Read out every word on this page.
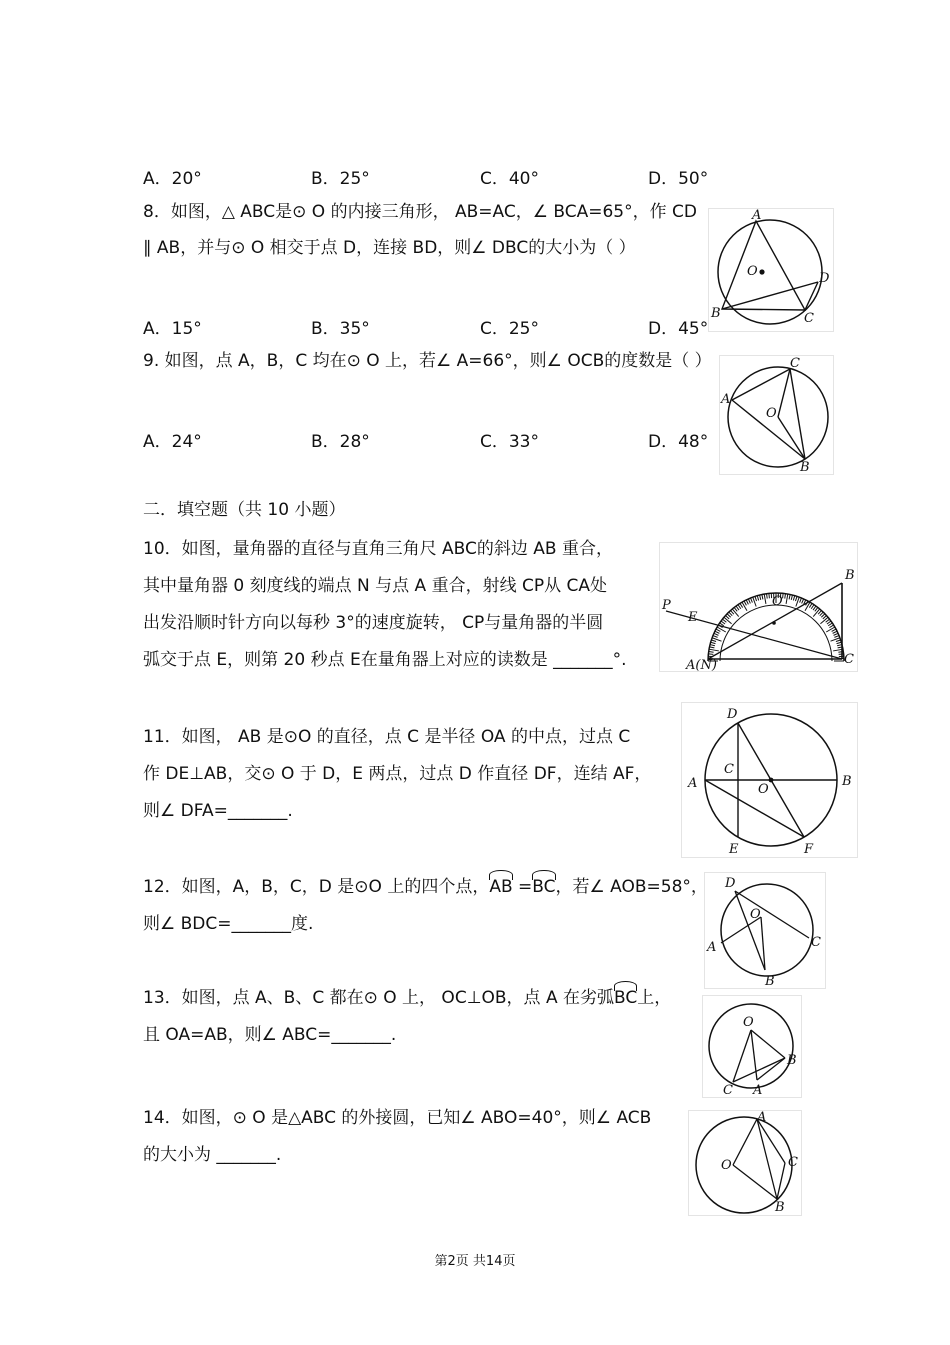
A．20°	B．25°	C．40°	D．50°
8．如图，△ ABC是⊙ O 的内接三角形， AB=AC，∠ BCA=65°，作 CD
∥ AB，并与⊙ O 相交于点 D，连接 BD，则∠ DBC的大小为（ ）
A．15°	B．35°	C．25°	D．45°
A
O	D
B	C
9. 如图，点 A，B，C 均在⊙ O 上，若∠ A=66°，则∠ OCB的度数是（ ）
A．24°	B．28°	C．33°	D．48°
C
A
O
B
二．填空题（共 10 小题）
10．如图，量角器的直径与直角三角尺 ABC的斜边 AB 重合，
其中量角器 0 刻度线的端点 N 与点 A 重合，射线 CP从 CA处
出发沿顺时针方向以每秒 3°的速度旋转， CP与量角器的半圆
弧交于点 E，则第 20 秒点 E在量角器上对应的读数是 _______°.
B
P
E
O
A(N)	C
11．如图， AB 是⊙O 的直径，点 C 是半径 OA 的中点，过点 C
作 DE⊥AB，交⊙ O 于 D，E 两点，过点 D 作直径 DF，连结 AF，
则∠ DFA=_______.
D
C
A	O
B
E	F
12．如图，A，B，C，D 是⊙O 上的四个点，AB =BC，若∠ AOB=58°，
则∠ BDC=_______度.
D
O
C
A
B
13．如图，点 A、B、C 都在⊙ O 上， OC⊥OB，点 A 在劣弧BC上，
且 OA=AB，则∠ ABC=_______.
O
B
C A
14．如图，⊙ O 是△ABC 的外接圆，已知∠ ABO=40°，则∠ ACB
的大小为 _______.
A
O	C
B
第2页 共14页
